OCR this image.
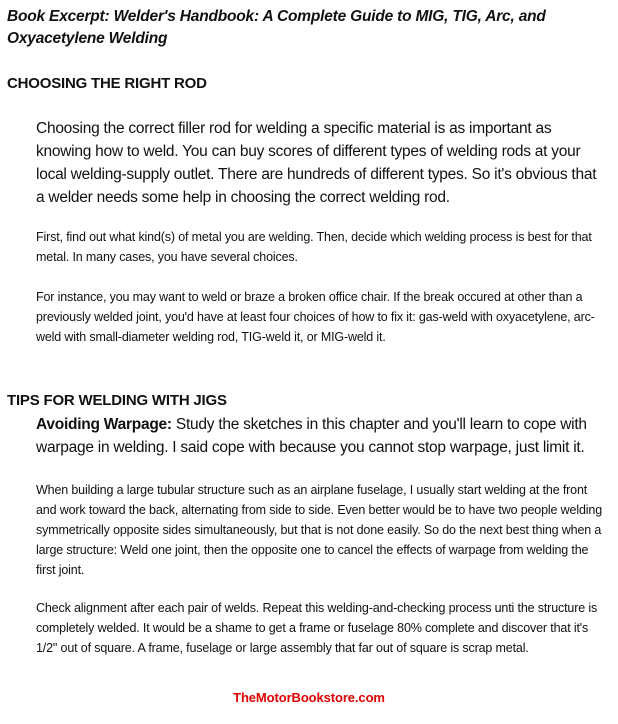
Book Excerpt: Welder's Handbook: A Complete Guide to MIG, TIG, Arc, and Oxyacetylene Welding
CHOOSING THE RIGHT ROD

Choosing the correct filler rod for welding a specific material is as important as knowing how to weld. You can buy scores of different types of welding rods at your local welding-supply outlet. There are hundreds of different types. So it's obvious that a welder needs some help in choosing the correct welding rod.

First, find out what kind(s) of metal you are welding. Then, decide which welding process is best for that metal. In many cases, you have several choices.

For instance, you may want to weld or braze a broken office chair. If the break occured at other than a previously welded joint, you'd have at least four choices of how to fix it: gas-weld with oxyacetylene, arc-weld with small-diameter welding rod, TIG-weld it, or MIG-weld it.

TIPS FOR WELDING WITH JIGS

Avoiding Warpage: Study the sketches in this chapter and you'll learn to cope with warpage in welding. I said cope with because you cannot stop warpage, just limit it.

When building a large tubular structure such as an airplane fuselage, I usually start welding at the front and work toward the back, alternating from side to side. Even better would be to have two people welding symmetrically opposite sides simultaneously, but that is not done easily. So do the next best thing when a large structure: Weld one joint, then the opposite one to cancel the effects of warpage from welding the first joint.

Check alignment after each pair of welds. Repeat this welding-and-checking process unti the structure is completely welded. It would be a shame to get a frame or fuselage 80% complete and discover that it's 1/2" out of square. A frame, fuselage or large assembly that far out of square is scrap metal.

TheMotorBookstore.com
